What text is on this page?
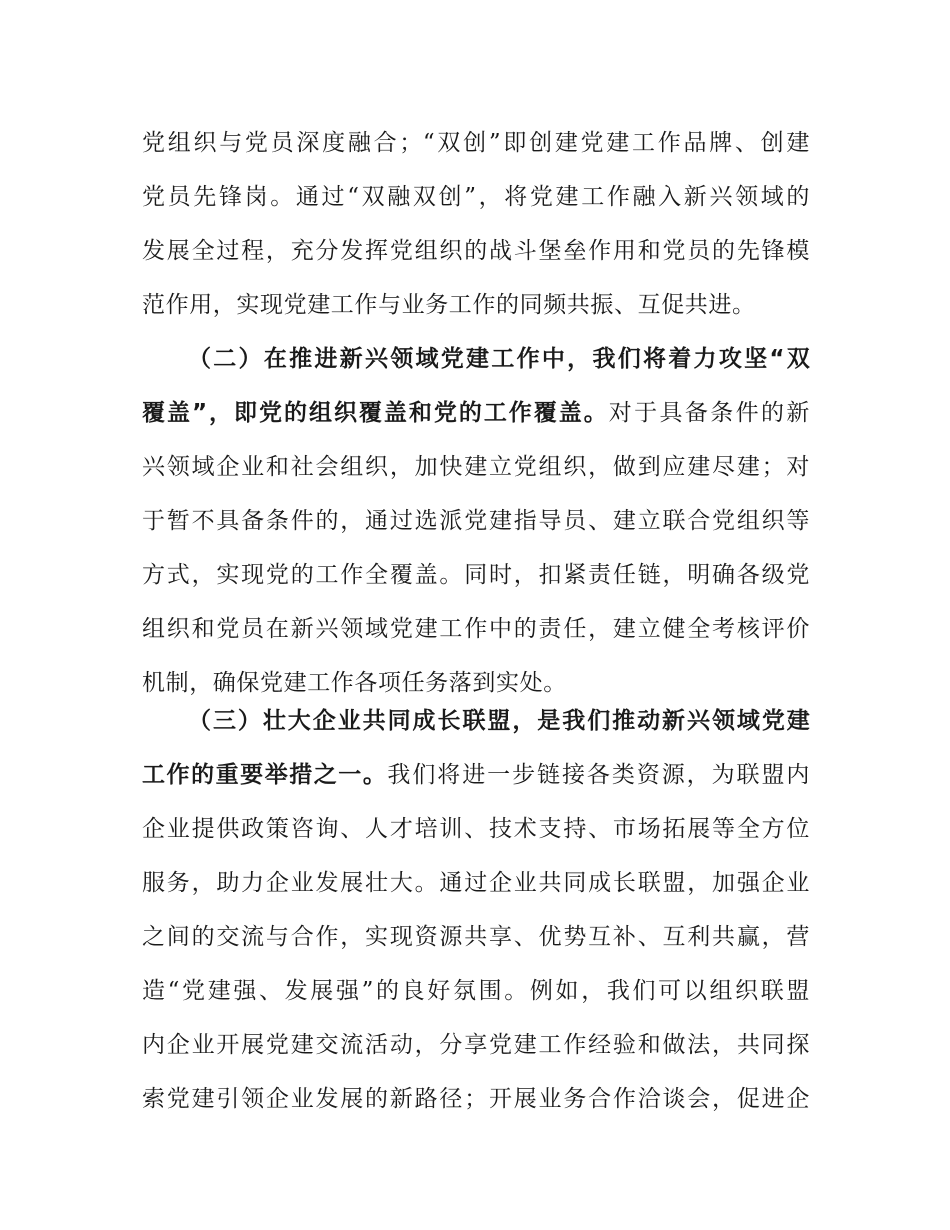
党组织与党员深度融合；“双创”即创建党建工作品牌、创建
党员先锋岗。通过“双融双创”，将党建工作融入新兴领域的
发展全过程，充分发挥党组织的战斗堡垒作用和党员的先锋模
范作用，实现党建工作与业务工作的同频共振、互促共进。
（二）在推进新兴领域党建工作中，我们将着力攻坚“双
覆盖”，即党的组织覆盖和党的工作覆盖。对于具备条件的新
兴领域企业和社会组织，加快建立党组织，做到应建尽建；对
于暂不具备条件的，通过选派党建指导员、建立联合党组织等
方式，实现党的工作全覆盖。同时，扣紧责任链，明确各级党
组织和党员在新兴领域党建工作中的责任，建立健全考核评价
机制，确保党建工作各项任务落到实处。
（三）壮大企业共同成长联盟，是我们推动新兴领域党建
工作的重要举措之一。我们将进一步链接各类资源，为联盟内
企业提供政策咨询、人才培训、技术支持、市场拓展等全方位
服务，助力企业发展壮大。通过企业共同成长联盟，加强企业
之间的交流与合作，实现资源共享、优势互补、互利共赢，营
造“党建强、发展强”的良好氛围。例如，我们可以组织联盟
内企业开展党建交流活动，分享党建工作经验和做法，共同探
索党建引领企业发展的新路径；开展业务合作洽谈会，促进企
